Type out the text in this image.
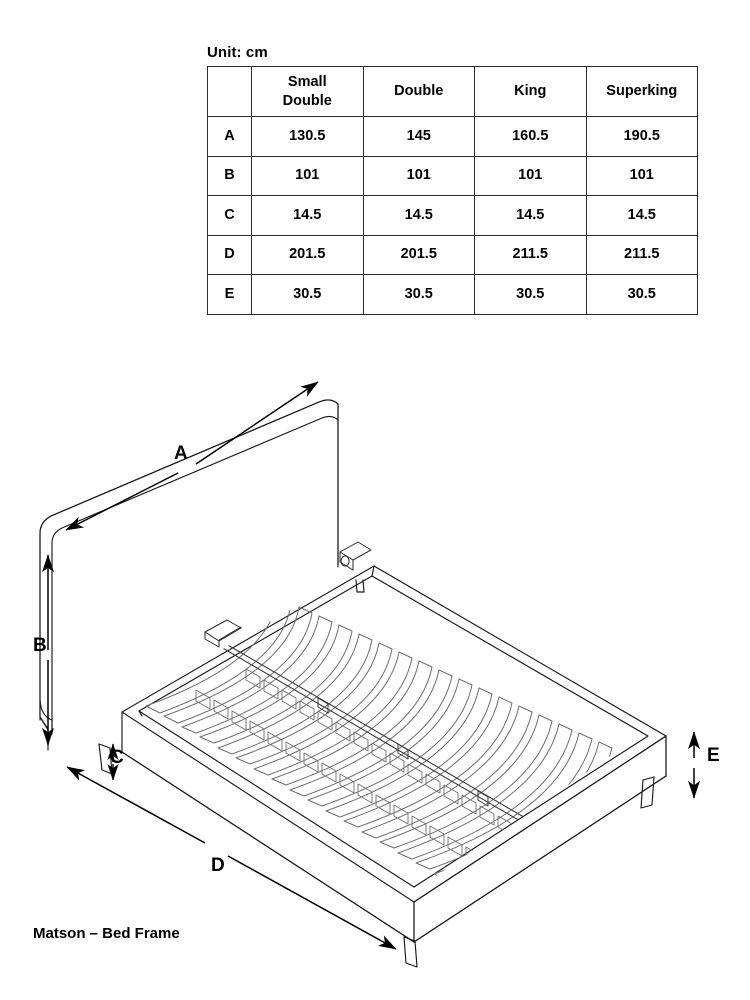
Unit: cm

	Small
Double	Double	King	Superking
A	130.5	145	160.5	190.5
B	101	101	101	101
C	14.5	14.5	14.5	14.5
D	201.5	201.5	211.5	211.5
E	30.5	30.5	30.5	30.5
A
B
C
D
E
Matson – Bed Frame
